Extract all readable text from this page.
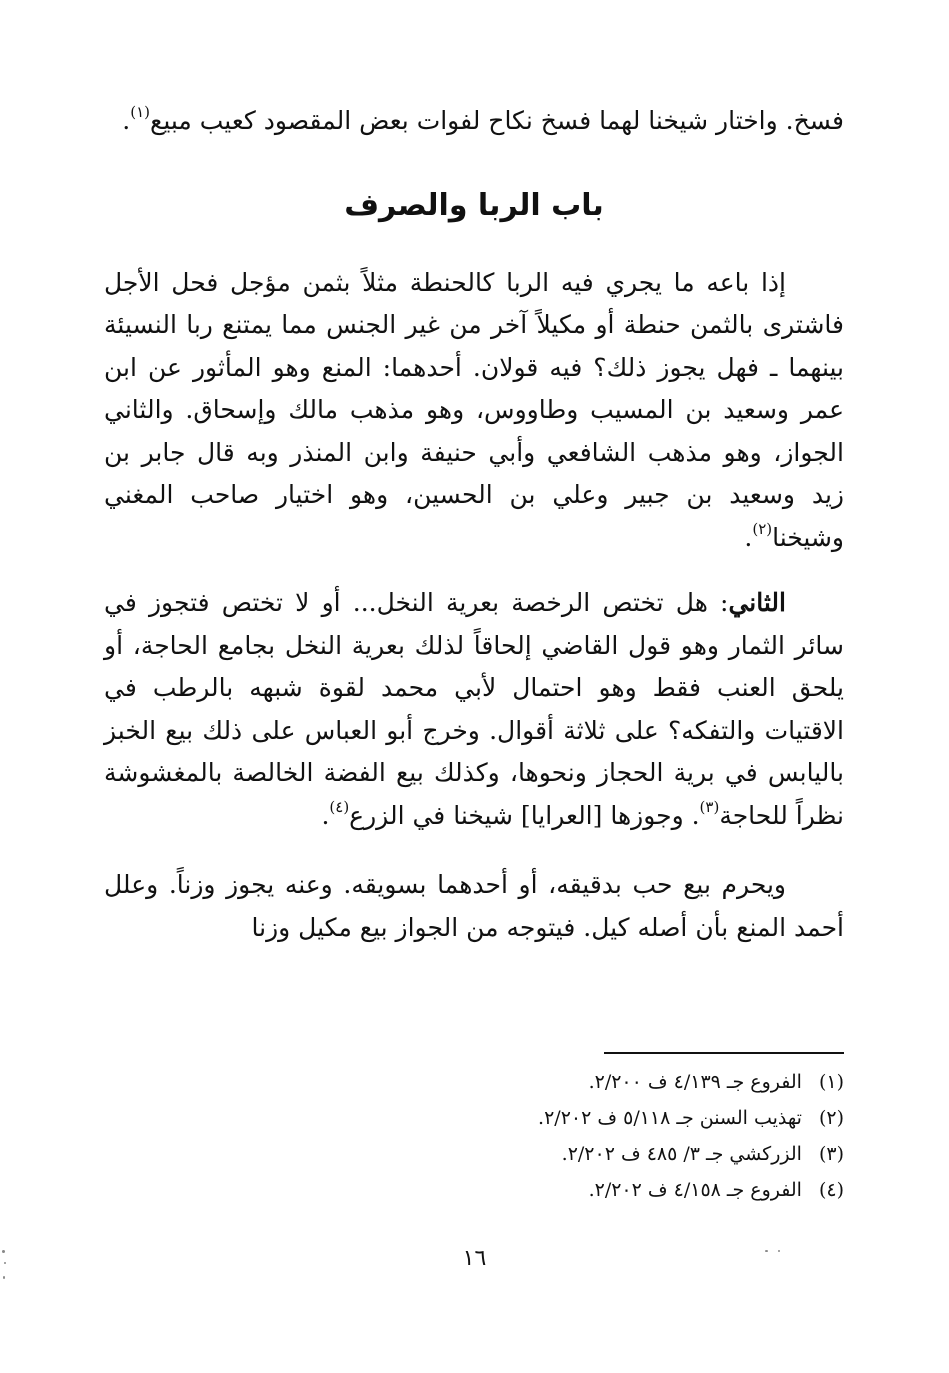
فسخ. واختار شيخنا لهما فسخ نكاح لفوات بعض المقصود كعيب مبيع$^{(١)}$.

باب الربا والصرف

إذا باعه ما يجري فيه الربا كالحنطة مثلاً بثمن مؤجل فحل الأجل فاشترى بالثمن حنطة أو مكيلاً آخر من غير الجنس مما يمتنع ربا النسيئة بينهما ـ فهل يجوز ذلك؟ فيه قولان. أحدهما: المنع وهو المأثور عن ابن عمر وسعيد بن المسيب وطاووس، وهو مذهب مالك وإسحاق. والثاني الجواز، وهو مذهب الشافعي وأبي حنيفة وابن المنذر وبه قال جابر بن زيد وسعيد بن جبير وعلي بن الحسين، وهو اختيار صاحب المغني وشيخنا$^{(٢)}$.

الثاني: هل تختص الرخصة بعرية النخل... أو لا تختص فتجوز في سائر الثمار وهو قول القاضي إلحاقاً لذلك بعرية النخل بجامع الحاجة، أو يلحق العنب فقط وهو احتمال لأبي محمد لقوة شبهه بالرطب في الاقتيات والتفكه؟ على ثلاثة أقوال. وخرج أبو العباس على ذلك بيع الخبز باليابس في برية الحجاز ونحوها، وكذلك بيع الفضة الخالصة بالمغشوشة نظراً للحاجة$^{(٣)}$. وجوزها [العرايا] شيخنا في الزرع$^{(٤)}$.

ويحرم بيع حب بدقيقه، أو أحدهما بسويقه. وعنه يجوز وزناً. وعلل أحمد المنع بأن أصله كيل. فيتوجه من الجواز بيع مكيل وزنا

(١) الفروع جـ ٤/١٣٩ ف ٢/٢٠٠.
(٢) تهذيب السنن جـ ٥/١١٨ ف ٢/٢٠٢.
(٣) الزركشي جـ ٣/ ٤٨٥ ف ٢/٢٠٢.
(٤) الفروع جـ ٤/١٥٨ ف ٢/٢٠٢.
١٦
